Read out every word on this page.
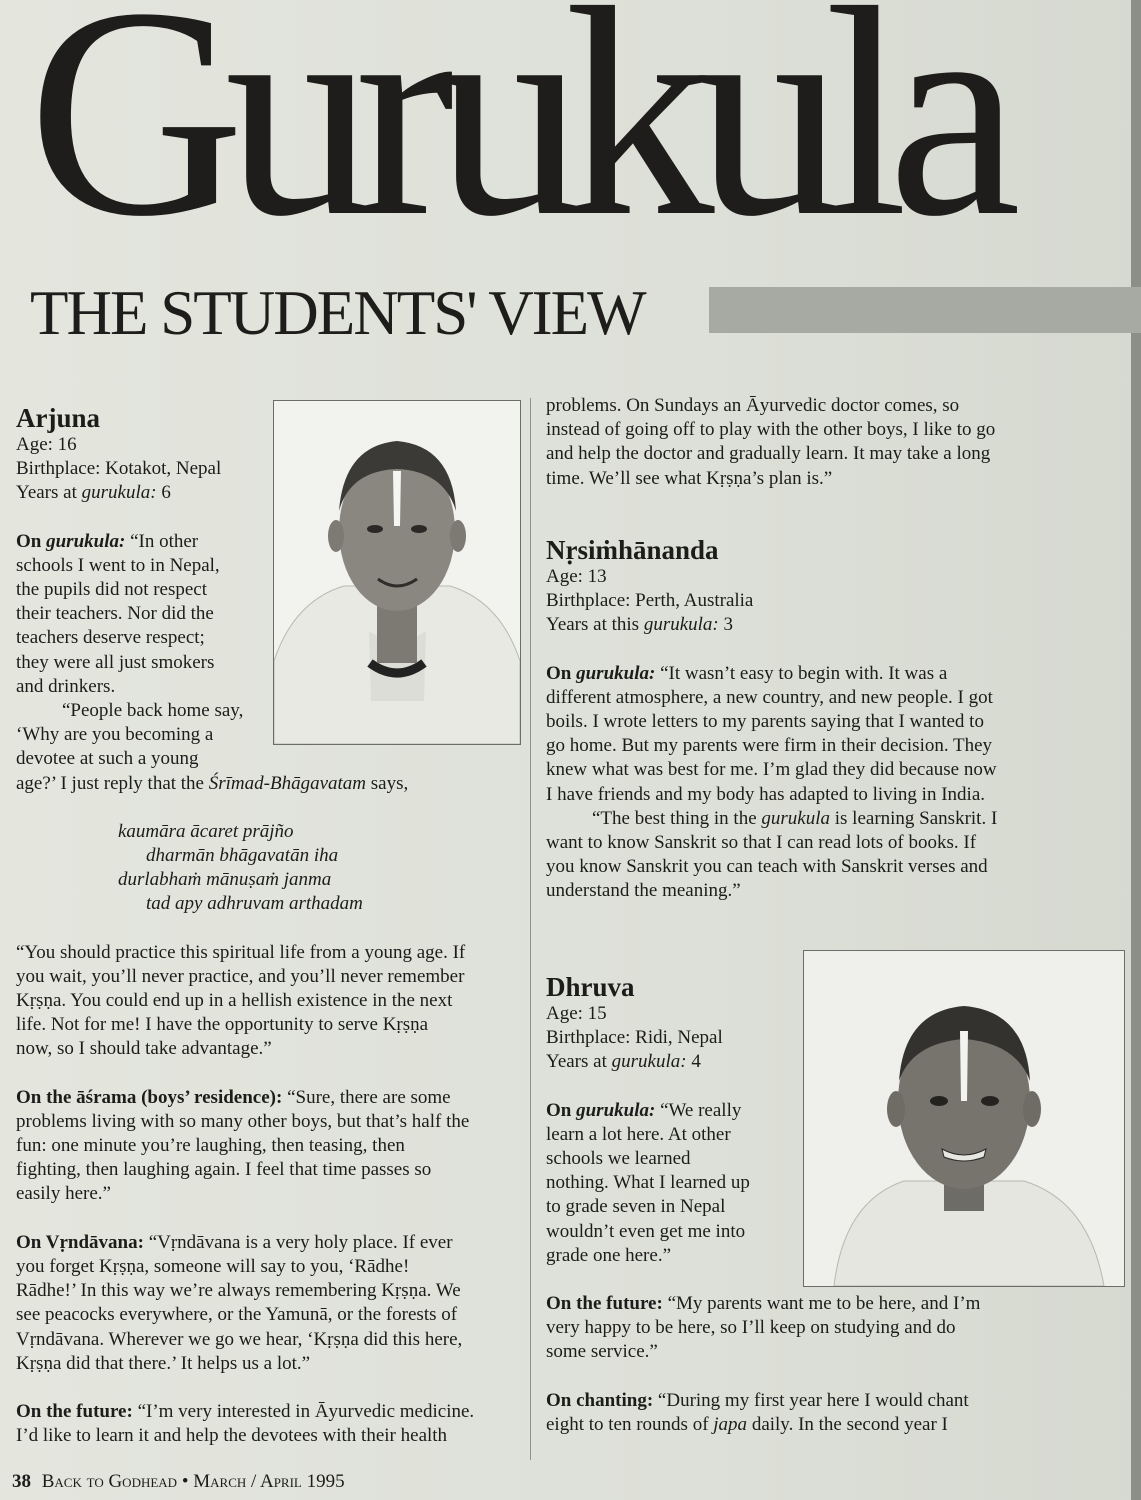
Gurukula
THE STUDENTS' VIEW

Arjuna

Age: 16

Birthplace: Kotakot, Nepal

Years at gurukula: 6

On gurukula: “In other

schools I went to in Nepal,

the pupils did not respect

their teachers. Nor did the

teachers deserve respect;

they were all just smokers

and drinkers.

“People back home say,

‘Why are you becoming a

devotee at such a young

age?’ I just reply that the Śrīmad-Bhāgavatam says,

kaumāra ācaret prājño

dharmān bhāgavatān iha

durlabhaṁ mānuṣaṁ janma

tad apy adhruvam arthadam

“You should practice this spiritual life from a young age. If

you wait, you’ll never practice, and you’ll never remember

Kṛṣṇa. You could end up in a hellish existence in the next

life. Not for me! I have the opportunity to serve Kṛṣṇa

now, so I should take advantage.”

On the āśrama (boys’ residence): “Sure, there are some

problems living with so many other boys, but that’s half the

fun: one minute you’re laughing, then teasing, then

fighting, then laughing again. I feel that time passes so

easily here.”

On Vṛndāvana: “Vṛndāvana is a very holy place. If ever

you forget Kṛṣṇa, someone will say to you, ‘Rādhe!

Rādhe!’ In this way we’re always remembering Kṛṣṇa. We

see peacocks everywhere, or the Yamunā, or the forests of

Vṛndāvana. Wherever we go we hear, ‘Kṛṣṇa did this here,

Kṛṣṇa did that there.’ It helps us a lot.”

On the future: “I’m very interested in Āyurvedic medicine.

I’d like to learn it and help the devotees with their health

problems. On Sundays an Āyurvedic doctor comes, so

instead of going off to play with the other boys, I like to go

and help the doctor and gradually learn. It may take a long

time. We’ll see what Kṛṣṇa’s plan is.”

Nṛsiṁhānanda

Age: 13

Birthplace: Perth, Australia

Years at this gurukula: 3

On gurukula: “It wasn’t easy to begin with. It was a

different atmosphere, a new country, and new people. I got

boils. I wrote letters to my parents saying that I wanted to

go home. But my parents were firm in their decision. They

knew what was best for me. I’m glad they did because now

I have friends and my body has adapted to living in India.

“The best thing in the gurukula is learning Sanskrit. I

want to know Sanskrit so that I can read lots of books. If

you know Sanskrit you can teach with Sanskrit verses and

understand the meaning.”

Dhruva

Age: 15

Birthplace: Ridi, Nepal

Years at gurukula: 4

On gurukula: “We really

learn a lot here. At other

schools we learned

nothing. What I learned up

to grade seven in Nepal

wouldn’t even get me into

grade one here.”

On the future: “My parents want me to be here, and I’m

very happy to be here, so I’ll keep on studying and do

some service.”

On chanting: “During my first year here I would chant

eight to ten rounds of japa daily. In the second year I

38 Back to Godhead • March / April 1995
